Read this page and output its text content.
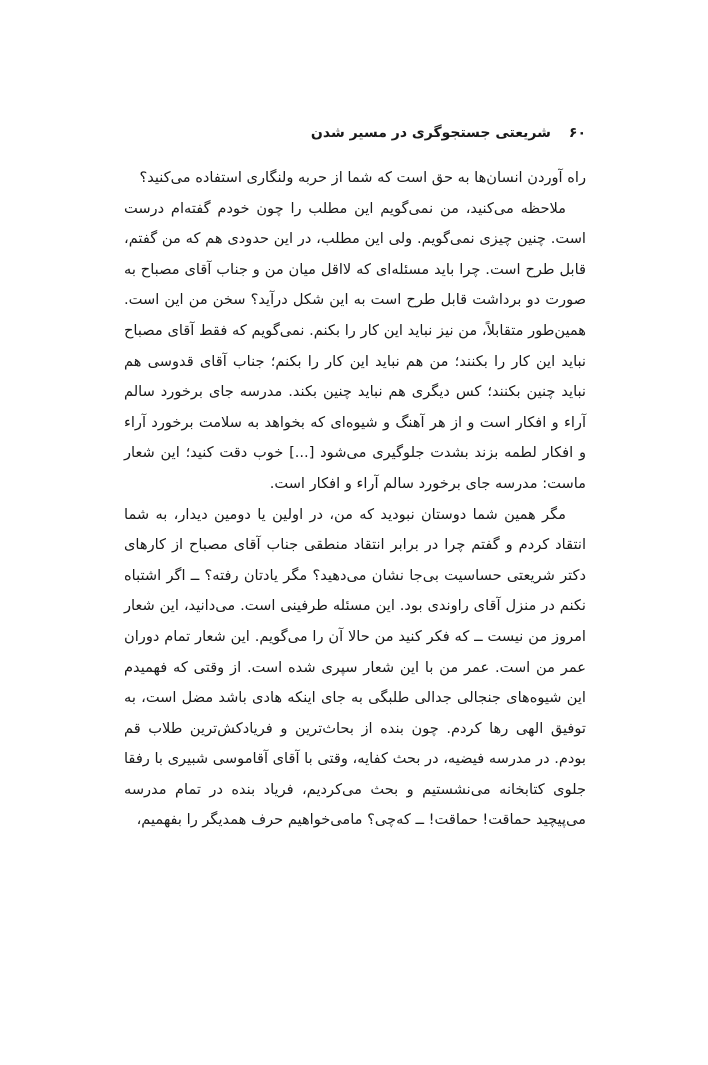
۶۰
شریعتی جستجوگری در مسیر شدن

راه آوردن انسان‌ها به حق است که شما از حربه ولنگاری استفاده می‌کنید؟

ملاحظه می‌کنید، من نمی‌گویم این مطلب را چون خودم گفته‌ام درست است. چنین چیزی نمی‌گویم. ولی این مطلب، در این حدودی هم که من گفتم، قابل طرح است. چرا باید مسئله‌ای که لااقل میان من و جناب آقای مصباح به صورت دو برداشت قابل طرح است به این شکل درآید؟ سخن من این است. همین‌طور متقابلاً، من نیز نباید این کار را بکنم. نمی‌گویم که فقط آقای مصباح نباید این کار را بکنند؛ من هم نباید این کار را بکنم؛ جناب آقای قدوسی هم نباید چنین بکنند؛ کس دیگری هم نباید چنین بکند. مدرسه جای برخورد سالم آراء و افکار است و از هر آهنگ و شیوه‌ای که بخواهد به سلامت برخورد آراء و افکار لطمه بزند بشدت جلوگیری می‌شود [...] خوب دقت کنید؛ این شعار ماست: مدرسه جای برخورد سالم آراء و افکار است.

مگر همین شما دوستان نبودید که من، در اولین یا دومین دیدار، به شما انتقاد کردم و گفتم چرا در برابر انتقاد منطقی جناب آقای مصباح از کارهای دکتر شریعتی حساسیت بی‌جا نشان می‌دهید؟ مگر یادتان رفته؟ ــ اگر اشتباه نکنم در منزل آقای راوندی بود. این مسئله طرفینی است. می‌دانید، این شعار امروز من نیست ــ که فکر کنید من حالا آن را می‌گویم. این شعار تمام دوران عمر من است. عمر من با این شعار سپری شده است. از وقتی که فهمیدم این شیوه‌های جنجالی جدالی طلبگی به جای اینکه هادی باشد مضل است، به توفیق الهی رها کردم. چون بنده از بحاث‌ترین و فریادکش‌ترین طلاب قم بودم. در مدرسه فیضیه، در بحث کفایه، وقتی با آقای آقاموسی شبیری با رفقا جلوی کتابخانه می‌نشستیم و بحث می‌کردیم، فریاد بنده در تمام مدرسه می‌پیچید حماقت! حماقت! ــ که‌چی؟ مامی‌خواهیم حرف همدیگر را بفهمیم،
